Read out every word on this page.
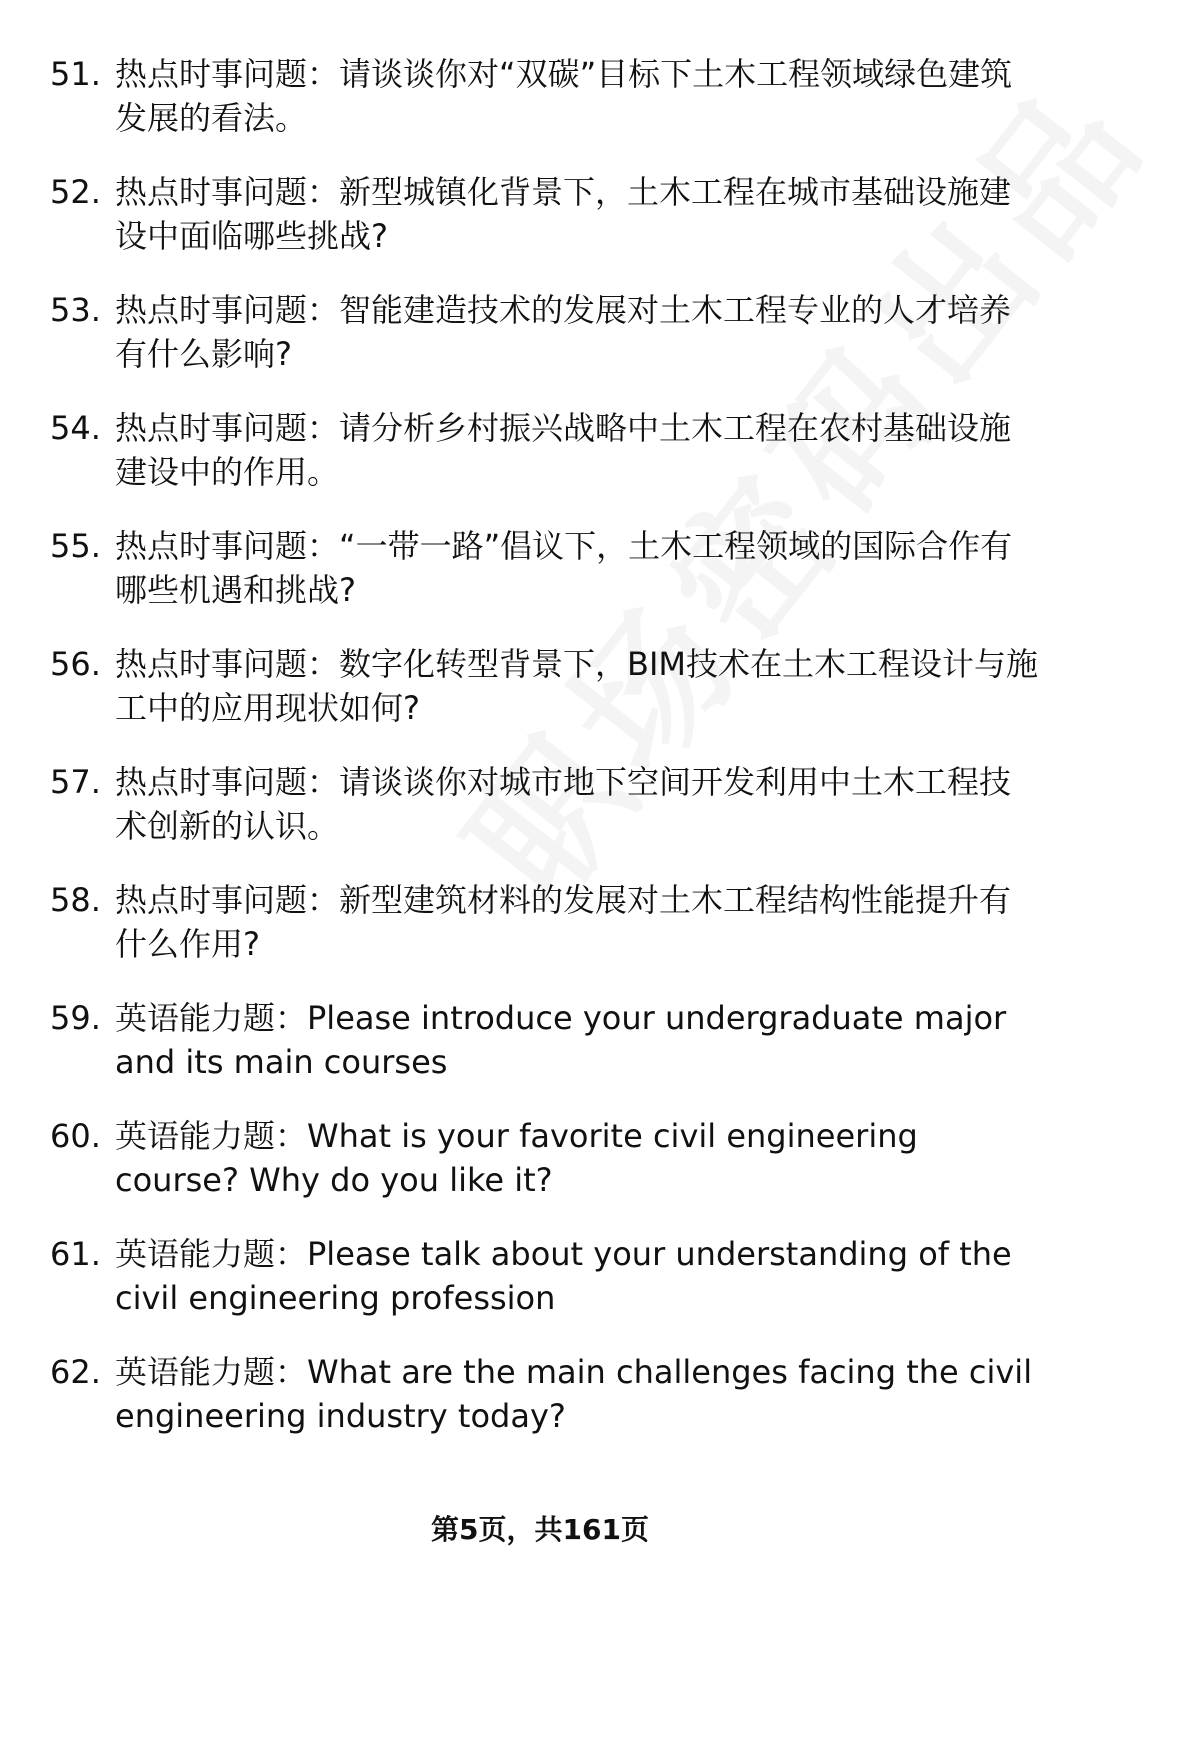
51. 热点时事问题：请谈谈你对“双碳”目标下土木工程领域绿色建筑发展的看法。
52. 热点时事问题：新型城镇化背景下，土木工程在城市基础设施建设中面临哪些挑战?
53. 热点时事问题：智能建造技术的发展对土木工程专业的人才培养有什么影响?
54. 热点时事问题：请分析乡村振兴战略中土木工程在农村基础设施建设中的作用。
55. 热点时事问题：“一带一路”倡议下，土木工程领域的国际合作有哪些机遇和挑战?
56. 热点时事问题：数字化转型背景下，BIM技术在土木工程设计与施工中的应用现状如何?
57. 热点时事问题：请谈谈你对城市地下空间开发利用中土木工程技术创新的认识。
58. 热点时事问题：新型建筑材料的发展对土木工程结构性能提升有什么作用?
59. 英语能力题：Please introduce your undergraduate major and its main courses
60. 英语能力题：What is your favorite civil engineering course? Why do you like it?
61. 英语能力题：Please talk about your understanding of the civil engineering profession
62. 英语能力题：What are the main challenges facing the civil engineering industry today?
第5页，共161页
